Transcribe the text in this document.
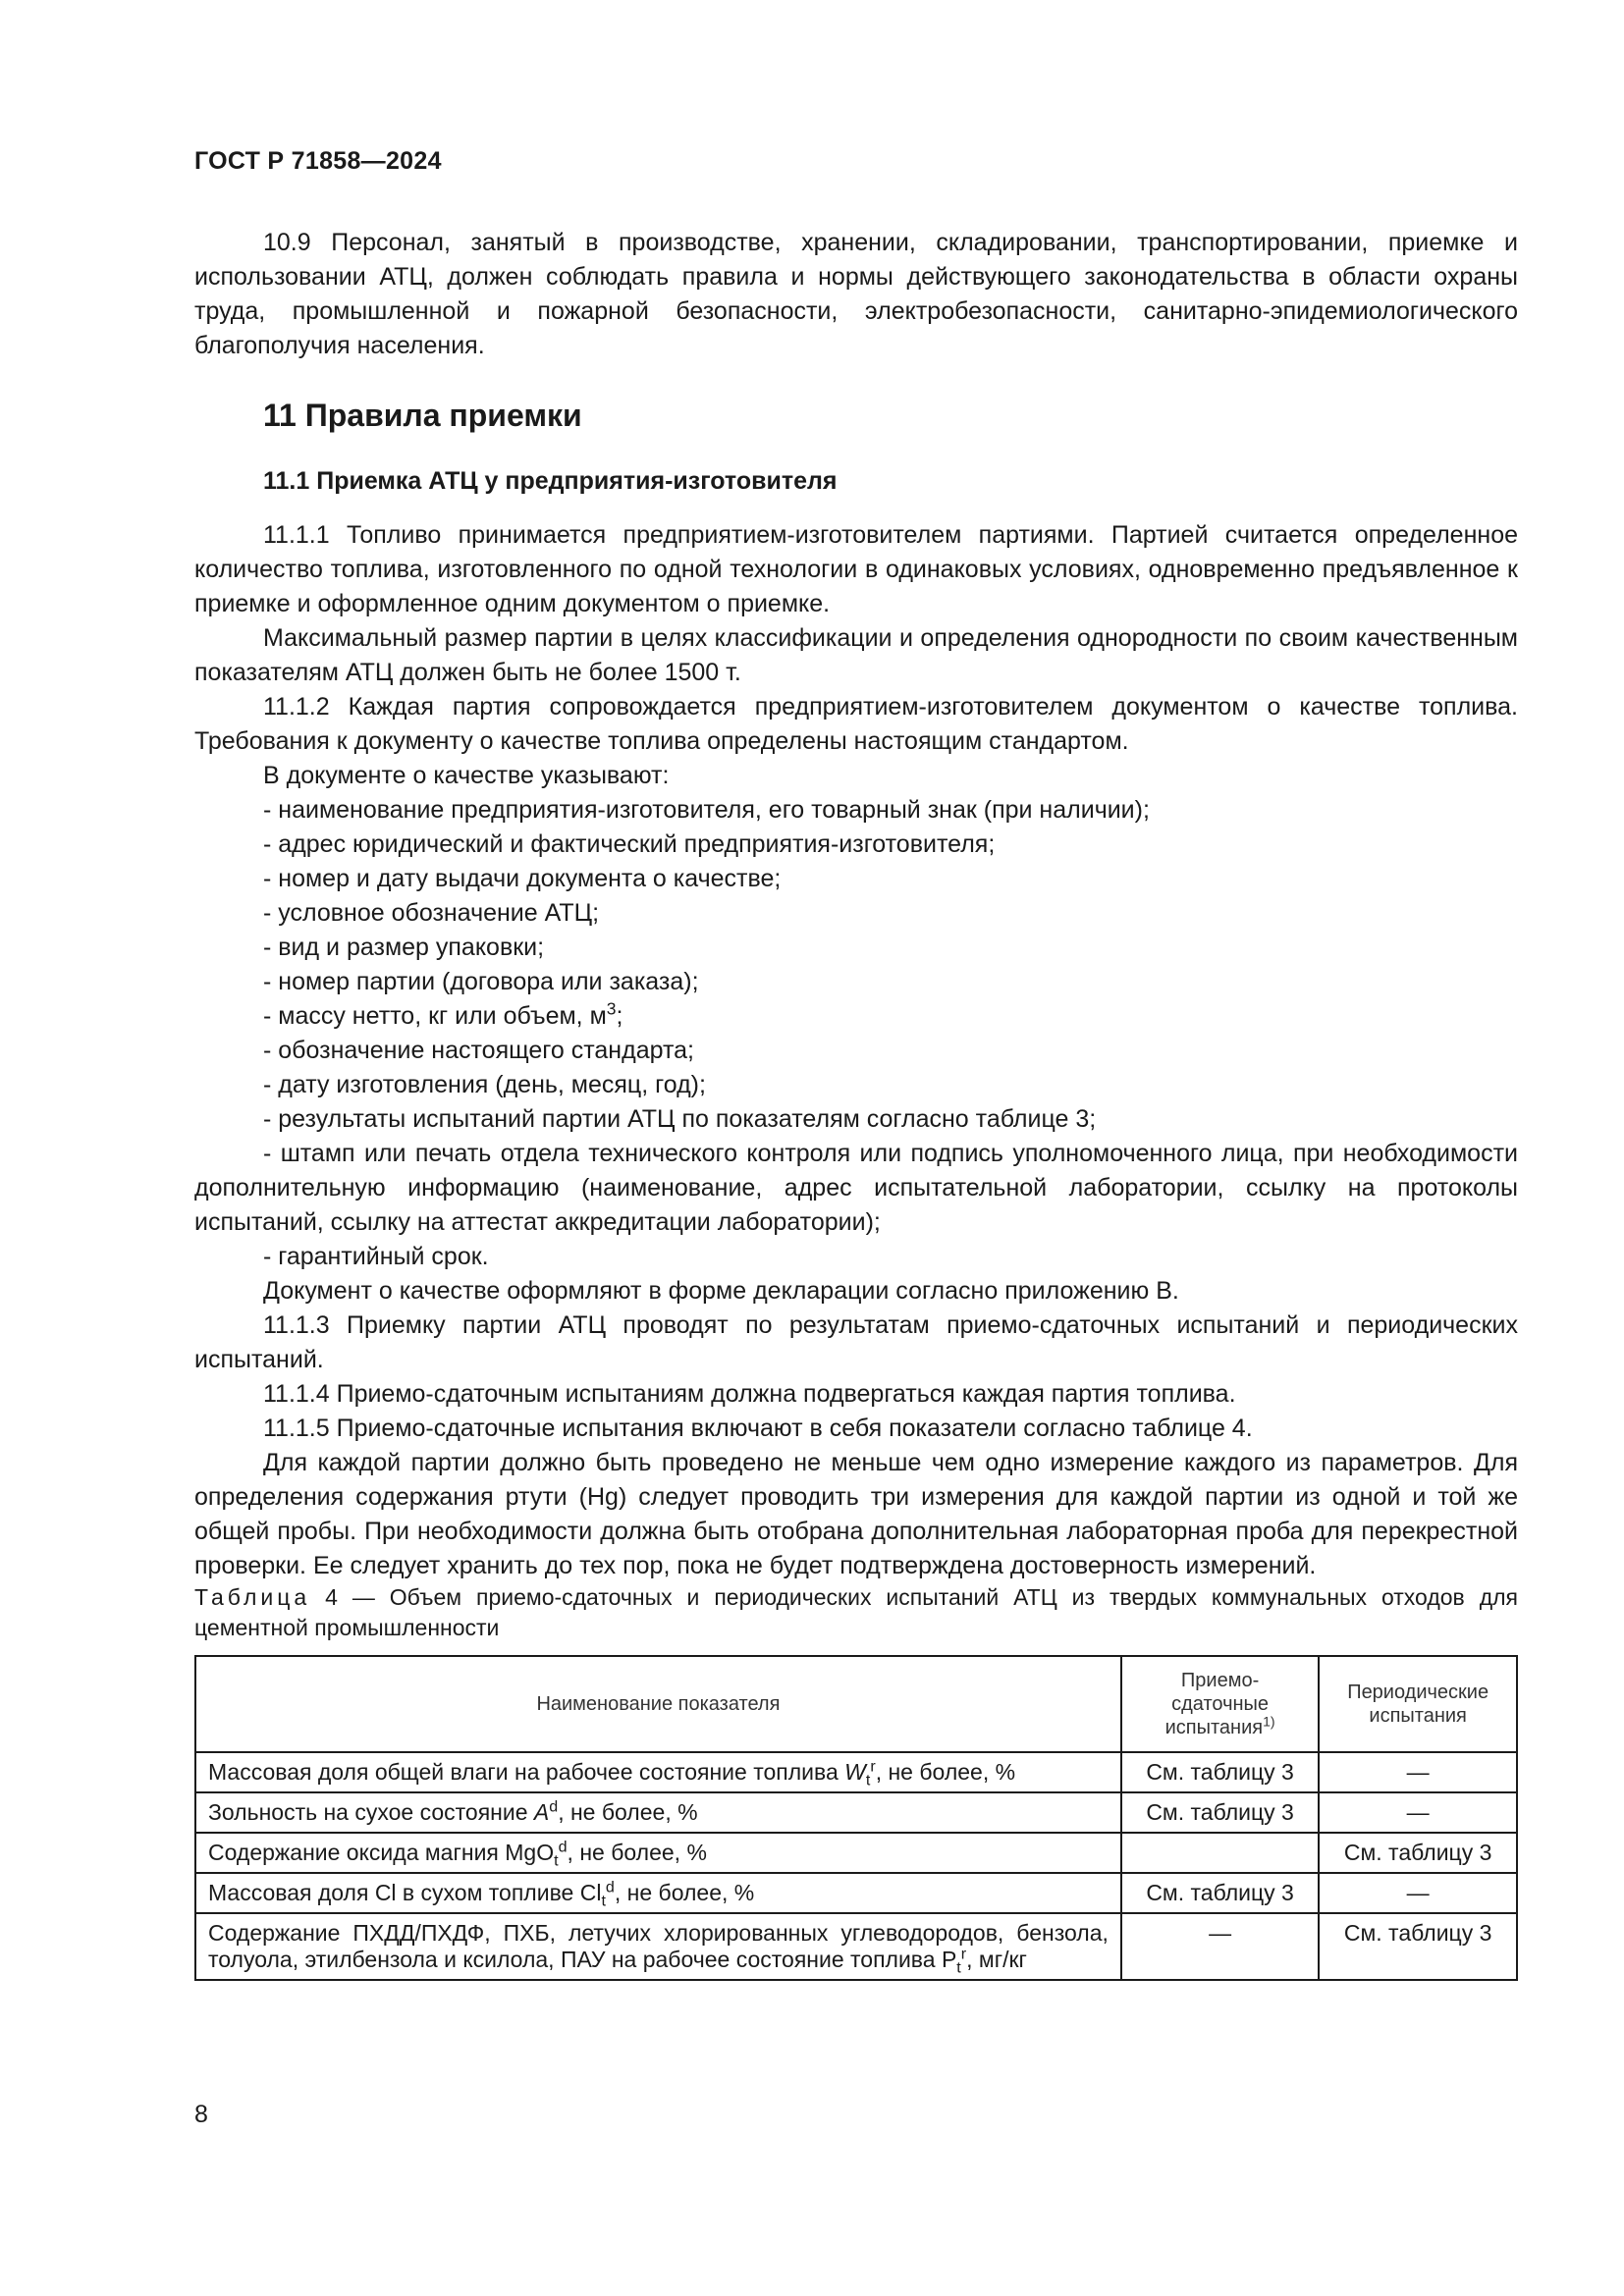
ГОСТ Р 71858—2024

10.9 Персонал, занятый в производстве, хранении, складировании, транспортировании, приемке и использовании АТЦ, должен соблюдать правила и нормы действующего законодательства в области охраны труда, промышленной и пожарной безопасности, электробезопасности, санитарно-эпидемиологического благополучия населения.

11 Правила приемки
11.1 Приемка АТЦ у предприятия-изготовителя

11.1.1 Топливо принимается предприятием-изготовителем партиями. Партией считается определенное количество топлива, изготовленного по одной технологии в одинаковых условиях, одновременно предъявленное к приемке и оформленное одним документом о приемке.

Максимальный размер партии в целях классификации и определения однородности по своим качественным показателям АТЦ должен быть не более 1500 т.

11.1.2 Каждая партия сопровождается предприятием-изготовителем документом о качестве топлива. Требования к документу о качестве топлива определены настоящим стандартом.

В документе о качестве указывают:

- наименование предприятия-изготовителя, его товарный знак (при наличии);

- адрес юридический и фактический предприятия-изготовителя;

- номер и дату выдачи документа о качестве;

- условное обозначение АТЦ;

- вид и размер упаковки;

- номер партии (договора или заказа);

- массу нетто, кг или объем, $м^3$;

- обозначение настоящего стандарта;

- дату изготовления (день, месяц, год);

- результаты испытаний партии АТЦ по показателям согласно таблице 3;

- штамп или печать отдела технического контроля или подпись уполномоченного лица, при необходимости дополнительную информацию (наименование, адрес испытательной лаборатории, ссылку на протоколы испытаний, ссылку на аттестат аккредитации лаборатории);

- гарантийный срок.

Документ о качестве оформляют в форме декларации согласно приложению В.

11.1.3 Приемку партии АТЦ проводят по результатам приемо-сдаточных испытаний и периодических испытаний.

11.1.4 Приемо-сдаточным испытаниям должна подвергаться каждая партия топлива.

11.1.5 Приемо-сдаточные испытания включают в себя показатели согласно таблице 4.

Для каждой партии должно быть проведено не меньше чем одно измерение каждого из параметров. Для определения содержания ртути (Hg) следует проводить три измерения для каждой партии из одной и той же общей пробы. При необходимости должна быть отобрана дополнительная лабораторная проба для перекрестной проверки. Ее следует хранить до тех пор, пока не будет подтверждена достоверность измерений.

Таблица 4 — Объем приемо-сдаточных и периодических испытаний АТЦ из твердых коммунальных отходов для цементной промышленности
Наименование показателя	Приемо-сдаточные испытания$^{1)}$	Периодические испытания
Массовая доля общей влаги на рабочее состояние топлива $W_t^r$, не более, %	См. таблицу 3	—
Зольность на сухое состояние $A^d$, не более, %	См. таблицу 3	—
Содержание оксида магния MgO$_t^d$, не более, %		См. таблицу 3
Массовая доля Cl в сухом топливе $Cl_t^d$, не более, %	См. таблицу 3	—
Содержание ПХДД/ПХДФ, ПХБ, летучих хлорированных углеводородов, бензола, толуола, этилбензола и ксилола, ПАУ на рабочее состояние топлива $P_t^r$, мг/кг	—	См. таблицу 3
8
